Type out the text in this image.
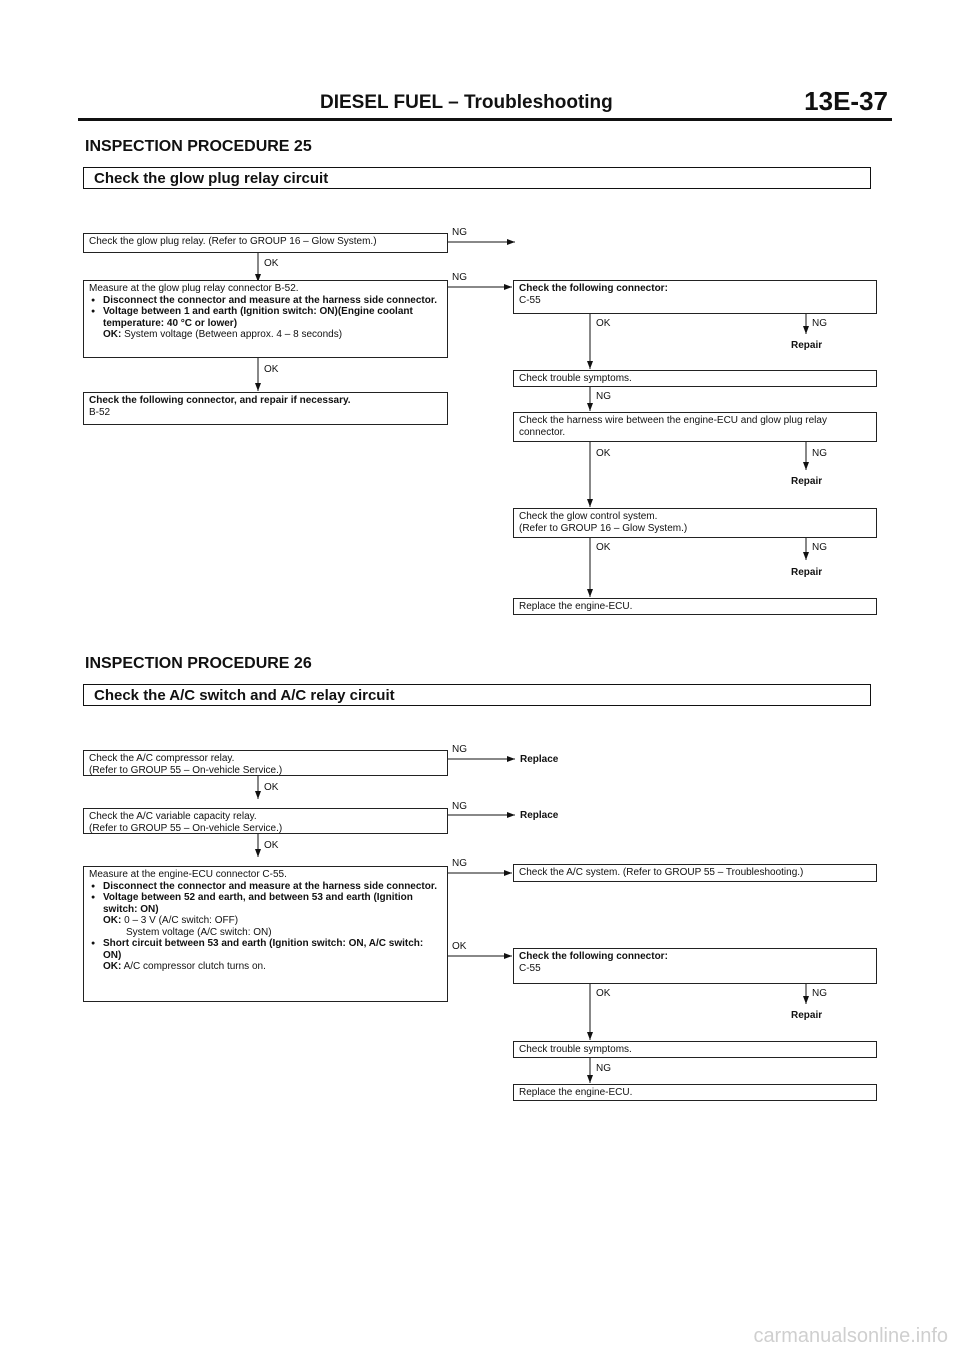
DIESEL FUEL – Troubleshooting	13E-37
INSPECTION PROCEDURE 25
Check the glow plug relay circuit
Check the glow plug relay. (Refer to GROUP 16 – Glow System.)
NG
OK
Measure at the glow plug relay connector B-52.
● Disconnect the connector and measure at the harness side connector.
● Voltage between 1 and earth (Ignition switch: ON)(Engine coolant temperature: 40 °C or lower)
OK: System voltage (Between approx. 4 – 8 seconds)
NG
OK
Check the following connector, and repair if necessary.
B-52
Check the following connector:
C-55
OK	NG
Repair
Check trouble symptoms.
NG
Check the harness wire between the engine-ECU and glow plug relay connector.
OK	NG
Repair
Check the glow control system.
(Refer to GROUP 16 – Glow System.)
OK	NG
Repair
Replace the engine-ECU.
INSPECTION PROCEDURE 26
Check the A/C switch and A/C relay circuit
Check the A/C compressor relay.
(Refer to GROUP 55 – On-vehicle Service.)
NG
Replace
OK
Check the A/C variable capacity relay.
(Refer to GROUP 55 – On-vehicle Service.)
NG
Replace
OK
Measure at the engine-ECU connector C-55.
● Disconnect the connector and measure at the harness side connector.
● Voltage between 52 and earth, and between 53 and earth (Ignition switch: ON)
OK: 0 – 3 V (A/C switch: OFF)
System voltage (A/C switch: ON)
● Short circuit between 53 and earth (Ignition switch: ON, A/C switch: ON)
OK: A/C compressor clutch turns on.
NG
OK
Check the A/C system. (Refer to GROUP 55 – Troubleshooting.)
Check the following connector:
C-55
OK	NG
Repair
Check trouble symptoms.
NG
Replace the engine-ECU.
carmanualsonline.info
